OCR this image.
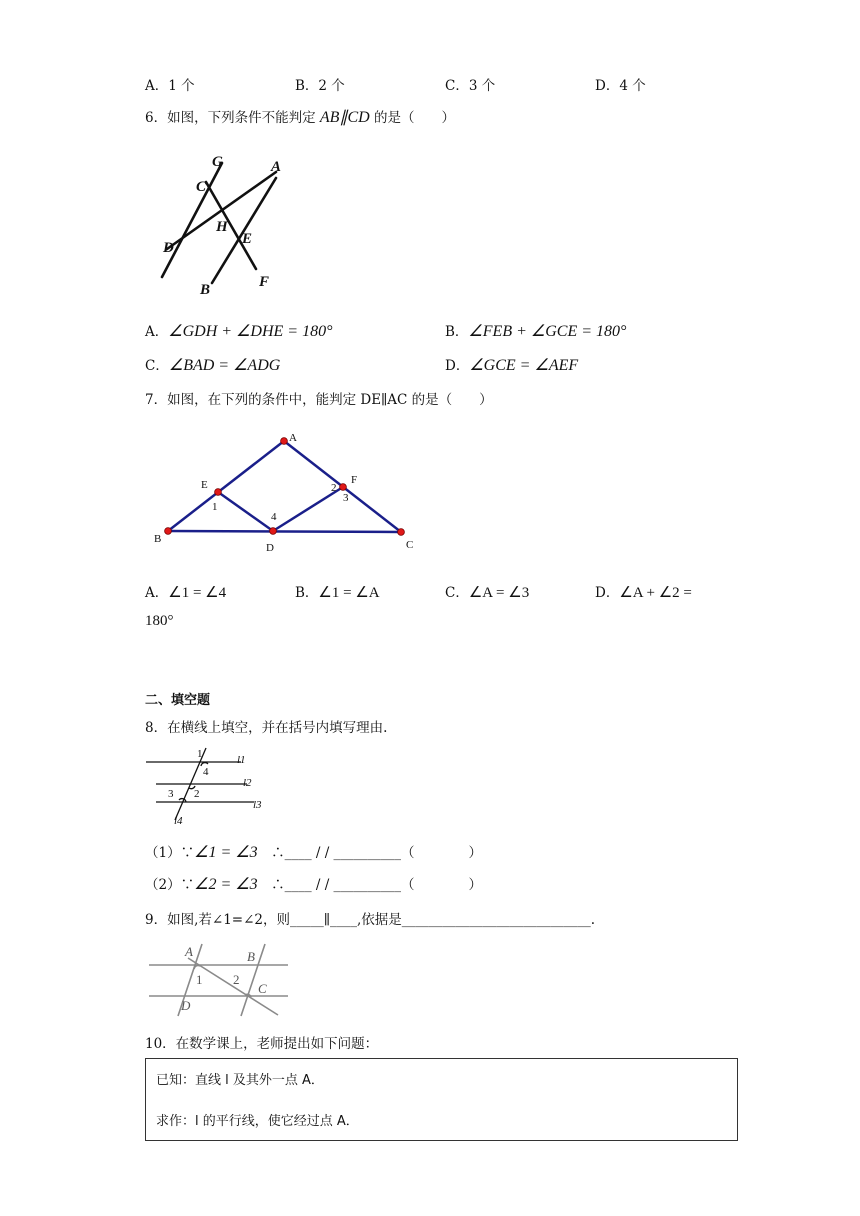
A．1 个	B．2 个	C．3 个	D．4 个
6．如图，下列条件不能判定 AB∥CD 的是（　　）
G	A
C
H
E
D
B	F
A．∠GDH + ∠DHE = 180°	B．∠FEB + ∠GCE = 180°
C．∠BAD = ∠ADG	D．∠GCE = ∠AEF
7．如图，在下列的条件中，能判定 DE∥AC 的是（　　）
A
E	F
2
3
1
4
B
D	C
A．∠1 = ∠4	B．∠1 = ∠A	C．∠A = ∠3	D．∠A + ∠2 =
180°
二、填空题
8．在横线上填空，并在括号内填写理由.
1
4
l1
l2
3 2
l3
l4
（1）∵∠1 = ∠3　 ∴____ / / __________（　　　　）
（2）∵∠2 = ∠3　 ∴____ / / __________（　　　　）
9．如图,若∠1=∠2，则_____∥____,依据是____________________________.
A	B
1 2
C
D
10．在数学课上，老师提出如下问题：
已知：直线 l 及其外一点 A．
求作：l 的平行线，使它经过点 A．
